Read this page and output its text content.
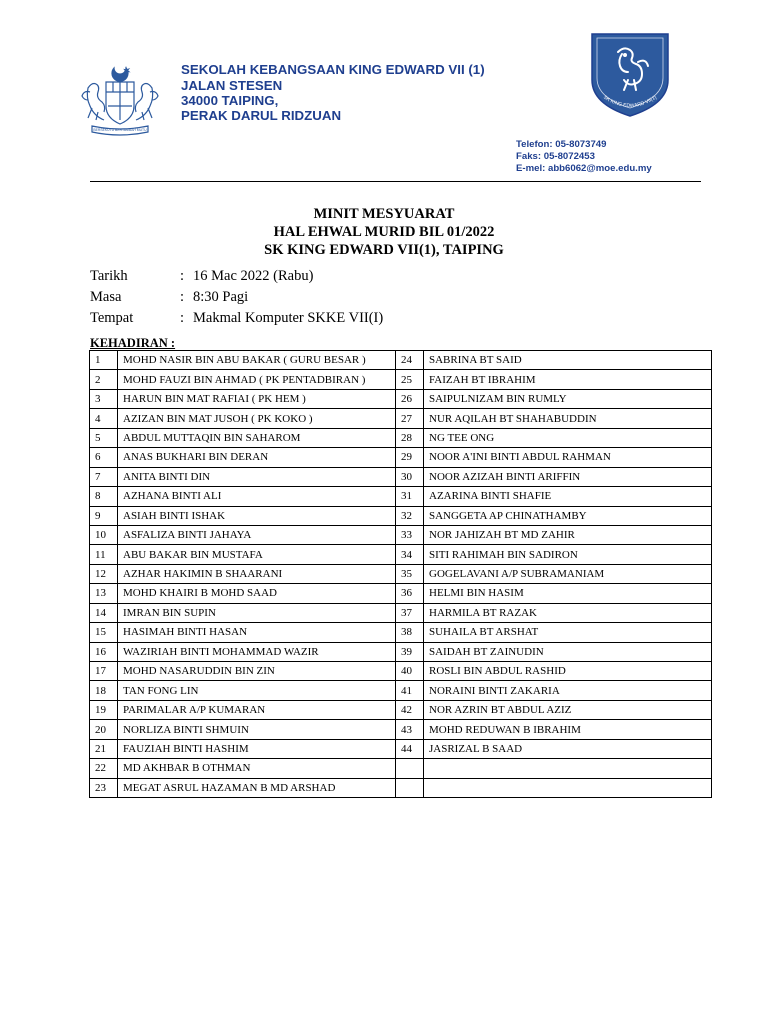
BERSEKUTU BERTAMBAH MUTU
SEKOLAH KEBANGSAAN KING EDWARD VII (1)
JALAN STESEN
34000 TAIPING,
PERAK DARUL RIDZUAN
SK KING EDWARD VII(1)
Telefon: 05-8073749
Faks: 05-8072453
E-mel: abb6062@moe.edu.my
MINIT MESYUARAT
HAL EHWAL MURID BIL 01/2022
SK KING EDWARD VII(1), TAIPING
Tarikh	: 16 Mac 2022 (Rabu)
Masa	: 8:30 Pagi
Tempat	: Makmal Komputer SKKE VII(I)
KEHADIRAN :
1	MOHD NASIR BIN ABU BAKAR ( GURU BESAR )	24	SABRINA BT SAID
2	MOHD FAUZI BIN AHMAD ( PK PENTADBIRAN )	25	FAIZAH BT IBRAHIM
3	HARUN BIN MAT RAFIAI ( PK HEM )	26	SAIPULNIZAM BIN RUMLY
4	AZIZAN BIN MAT JUSOH ( PK KOKO )	27	NUR AQILAH BT SHAHABUDDIN
5	ABDUL MUTTAQIN BIN SAHAROM	28	NG TEE ONG
6	ANAS BUKHARI BIN DERAN	29	NOOR A'INI BINTI ABDUL RAHMAN
7	ANITA BINTI DIN	30	NOOR AZIZAH BINTI ARIFFIN
8	AZHANA BINTI ALI	31	AZARINA BINTI SHAFIE
9	ASIAH BINTI ISHAK	32	SANGGETA AP CHINATHAMBY
10	ASFALIZA BINTI JAHAYA	33	NOR JAHIZAH BT MD ZAHIR
11	ABU BAKAR BIN MUSTAFA	34	SITI RAHIMAH BIN SADIRON
12	AZHAR HAKIMIN B SHAARANI	35	GOGELAVANI A/P SUBRAMANIAM
13	MOHD KHAIRI B MOHD SAAD	36	HELMI BIN HASIM
14	IMRAN BIN SUPIN	37	HARMILA BT RAZAK
15	HASIMAH BINTI HASAN	38	SUHAILA BT ARSHAT
16	WAZIRIAH BINTI MOHAMMAD WAZIR	39	SAIDAH BT ZAINUDIN
17	MOHD NASARUDDIN BIN ZIN	40	ROSLI BIN ABDUL RASHID
18	TAN FONG LIN	41	NORAINI BINTI ZAKARIA
19	PARIMALAR A/P KUMARAN	42	NOR AZRIN BT ABDUL AZIZ
20	NORLIZA BINTI SHMUIN	43	MOHD REDUWAN B IBRAHIM
21	FAUZIAH BINTI HASHIM	44	JASRIZAL B SAAD
22	MD AKHBAR B OTHMAN		
23	MEGAT ASRUL HAZAMAN B MD ARSHAD		
